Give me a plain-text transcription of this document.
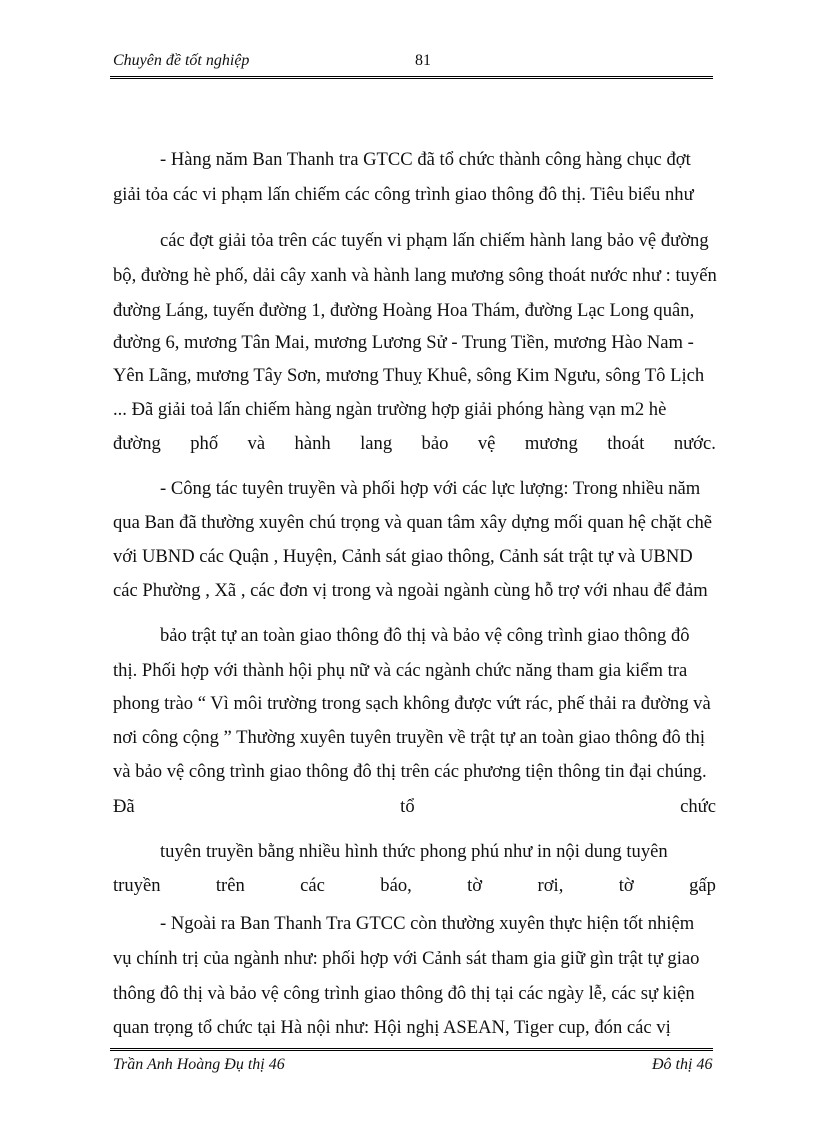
Chuyên đề tốt nghiệp	81
- Hàng năm Ban Thanh tra GTCC đã tổ chức thành công hàng chục đợt
giải tỏa các vi phạm lấn chiếm các công trình giao thông đô thị. Tiêu biểu như
các đợt giải tỏa trên các tuyến vi phạm lấn chiếm hành lang bảo vệ đường
bộ, đường hè phố, dải cây xanh và hành lang mương sông thoát nước như : tuyến
đường Láng, tuyến đường 1, đường Hoàng Hoa Thám, đường Lạc Long quân,
đường 6, mương Tân Mai, mương Lương Sử - Trung Tiền, mương Hào Nam -
Yên Lãng, mương Tây Sơn, mương Thuỵ Khuê, sông Kim Ngưu, sông Tô Lịch
... Đã giải toả lấn chiếm hàng ngàn trường hợp giải phóng hàng vạn m2 hè
đường phố và hành lang bảo vệ mương thoát nước.
- Công tác tuyên truyền và phối hợp với các lực lượng: Trong nhiều năm
qua Ban đã thường xuyên chú trọng và quan tâm xây dựng mối quan hệ chặt chẽ
với UBND các Quận , Huyện, Cảnh sát giao thông, Cảnh sát trật tự và UBND
các Phường , Xã , các đơn vị trong và ngoài ngành cùng hỗ trợ với nhau để đảm
bảo trật tự an toàn giao thông đô thị và bảo vệ công trình giao thông đô
thị. Phối hợp với thành hội phụ nữ và các ngành chức năng tham gia kiểm tra
phong trào “ Vì môi trường trong sạch không được vứt rác, phế thải ra đường và
nơi công cộng ” Thường xuyên tuyên truyền về trật tự an toàn giao thông đô thị
và bảo vệ công trình giao thông đô thị trên các phương tiện thông tin đại chúng.
Đã	tổ	chức
tuyên truyền bằng nhiều hình thức phong phú như in nội dung tuyên
truyền	trên	các	báo,	tờ	rơi,	tờ	gấp
- Ngoài ra Ban Thanh Tra GTCC còn thường xuyên thực hiện tốt nhiệm
vụ chính trị của ngành như: phối hợp với Cảnh sát tham gia giữ gìn trật tự giao
thông đô thị và bảo vệ công trình giao thông đô thị tại các ngày lễ, các sự kiện
quan trọng tổ chức tại Hà nội như: Hội nghị ASEAN, Tiger cup, đón các vị
Trần Anh Hoàng Đụ thị 46	Đô thị 46
